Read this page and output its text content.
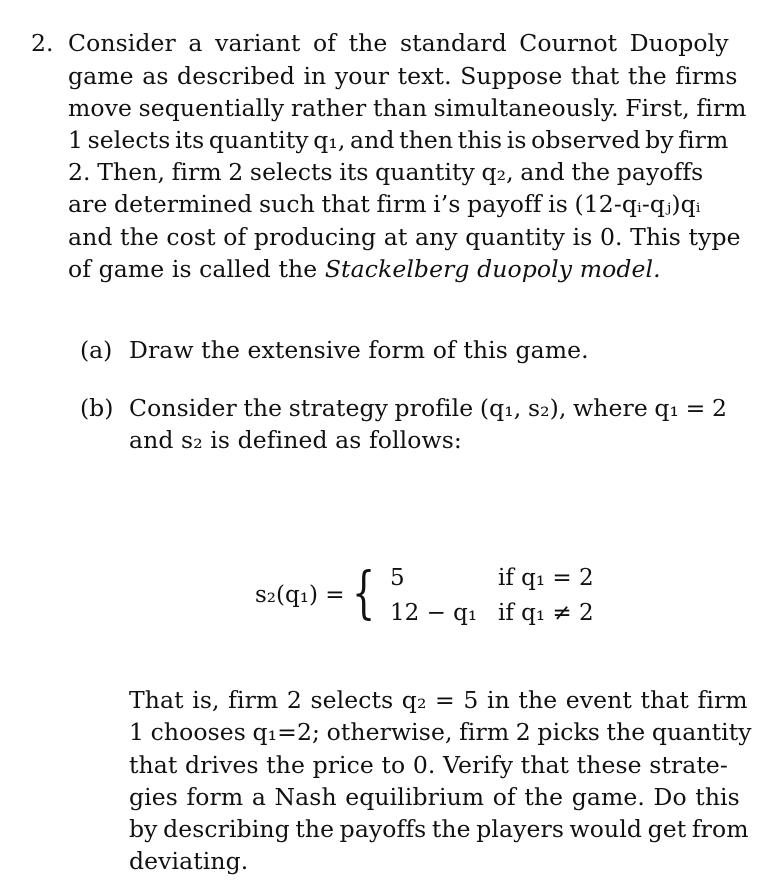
2. Consider a variant of the standard Cournot Duopoly
game as described in your text. Suppose that the firms
move sequentially rather than simultaneously. First, firm
1 selects its quantity q₁, and then this is observed by firm
2. Then, firm 2 selects its quantity q₂, and the payoffs
are determined such that firm i’s payoff is (12-qᵢ-qⱼ)qᵢ
and the cost of producing at any quantity is 0. This type
of game is called the Stackelberg duopoly model.
(a) Draw the extensive form of this game.
(b) Consider the strategy profile (q₁, s₂), where q₁ = 2
and s₂ is defined as follows:
s₂(q₁) = { 5	if q₁ = 2
12 − q₁ if q₁ ≠ 2
That is, firm 2 selects q₂ = 5 in the event that firm
1 chooses q₁=2; otherwise, firm 2 picks the quantity
that drives the price to 0. Verify that these strate-
gies form a Nash equilibrium of the game. Do this
by describing the payoffs the players would get from
deviating.
